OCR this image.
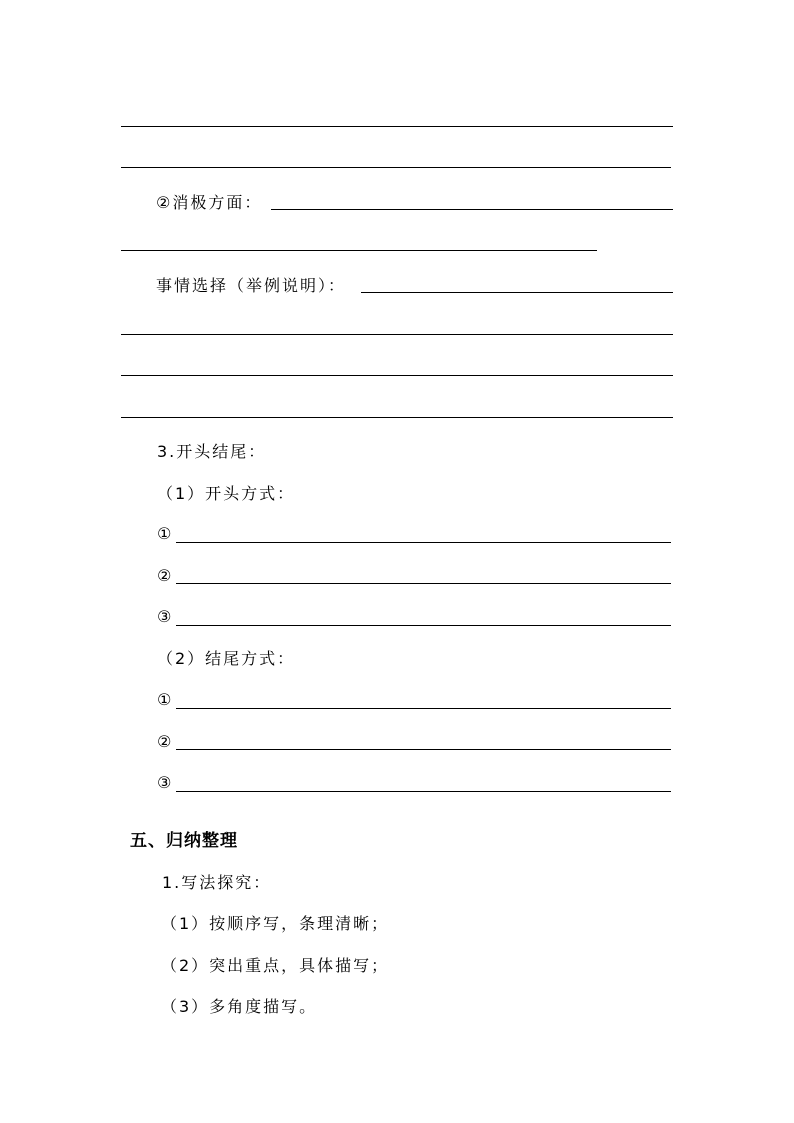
②消极方面：
事情选择（举例说明）：
3.开头结尾：
（1）开头方式：
①
②
③
（2）结尾方式：
①
②
③
五、归纳整理
1.写法探究：
（1）按顺序写，条理清晰；
（2）突出重点，具体描写；
（3）多角度描写。
